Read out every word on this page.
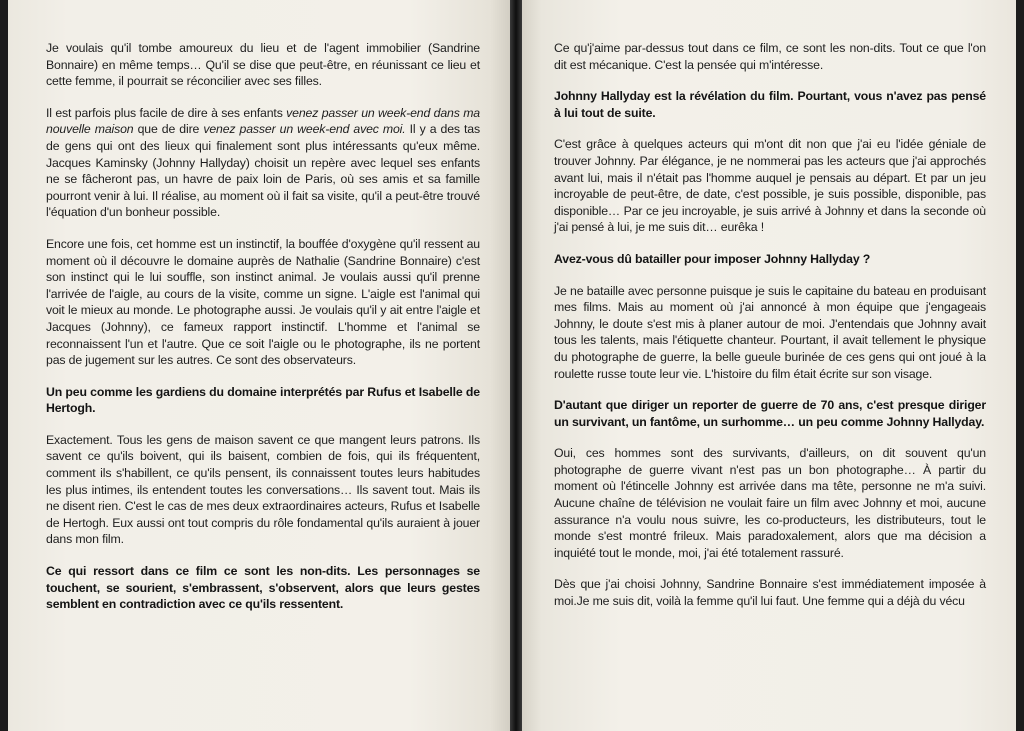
Je voulais qu'il tombe amoureux du lieu et de l'agent immobilier (Sandrine Bonnaire) en même temps… Qu'il se dise que peut-être, en réunissant ce lieu et cette femme, il pourrait se réconcilier avec ses filles.

Il est parfois plus facile de dire à ses enfants venez passer un week-end dans ma nouvelle maison que de dire venez passer un week-end avec moi. Il y a des tas de gens qui ont des lieux qui finalement sont plus intéressants qu'eux même. Jacques Kaminsky (Johnny Hallyday) choisit un repère avec lequel ses enfants ne se fâcheront pas, un havre de paix loin de Paris, où ses amis et sa famille pourront venir à lui. Il réalise, au moment où il fait sa visite, qu'il a peut-être trouvé l'équation d'un bonheur possible.

Encore une fois, cet homme est un instinctif, la bouffée d'oxygène qu'il ressent au moment où il découvre le domaine auprès de Nathalie (Sandrine Bonnaire) c'est son instinct qui le lui souffle, son instinct animal. Je voulais aussi qu'il prenne l'arrivée de l'aigle, au cours de la visite, comme un signe. L'aigle est l'animal qui voit le mieux au monde. Le photographe aussi. Je voulais qu'il y ait entre l'aigle et Jacques (Johnny), ce fameux rapport instinctif. L'homme et l'animal se reconnaissent l'un et l'autre. Que ce soit l'aigle ou le photographe, ils ne portent pas de jugement sur les autres. Ce sont des observateurs.

Un peu comme les gardiens du domaine interprétés par Rufus et Isabelle de Hertogh.

Exactement. Tous les gens de maison savent ce que mangent leurs patrons. Ils savent ce qu'ils boivent, qui ils baisent, combien de fois, qui ils fréquentent, comment ils s'habillent, ce qu'ils pensent, ils connaissent toutes leurs habitudes les plus intimes, ils entendent toutes les conversations… Ils savent tout. Mais ils ne disent rien. C'est le cas de mes deux extraordinaires acteurs, Rufus et Isabelle de Hertogh. Eux aussi ont tout compris du rôle fondamental qu'ils auraient à jouer dans mon film.

Ce qui ressort dans ce film ce sont les non-dits. Les personnages se touchent, se sourient, s'embrassent, s'observent, alors que leurs gestes semblent en contradiction avec ce qu'ils ressentent.

Ce qu'j'aime par-dessus tout dans ce film, ce sont les non-dits. Tout ce que l'on dit est mécanique. C'est la pensée qui m'intéresse.

Johnny Hallyday est la révélation du film. Pourtant, vous n'avez pas pensé à lui tout de suite.

C'est grâce à quelques acteurs qui m'ont dit non que j'ai eu l'idée géniale de trouver Johnny. Par élégance, je ne nommerai pas les acteurs que j'ai approchés avant lui, mais il n'était pas l'homme auquel je pensais au départ. Et par un jeu incroyable de peut-être, de date, c'est possible, je suis possible, disponible, pas disponible… Par ce jeu incroyable, je suis arrivé à Johnny et dans la seconde où j'ai pensé à lui, je me suis dit… eurêka !

Avez-vous dû batailler pour imposer Johnny Hallyday ?

Je ne bataille avec personne puisque je suis le capitaine du bateau en produisant mes films. Mais au moment où j'ai annoncé à mon équipe que j'engageais Johnny, le doute s'est mis à planer autour de moi. J'entendais que Johnny avait tous les talents, mais l'étiquette chanteur. Pourtant, il avait tellement le physique du photographe de guerre, la belle gueule burinée de ces gens qui ont joué à la roulette russe toute leur vie. L'histoire du film était écrite sur son visage.

D'autant que diriger un reporter de guerre de 70 ans, c'est presque diriger un survivant, un fantôme, un surhomme… un peu comme Johnny Hallyday.

Oui, ces hommes sont des survivants, d'ailleurs, on dit souvent qu'un photographe de guerre vivant n'est pas un bon photographe… À partir du moment où l'étincelle Johnny est arrivée dans ma tête, personne ne m'a suivi. Aucune chaîne de télévision ne voulait faire un film avec Johnny et moi, aucune assurance n'a voulu nous suivre, les co-producteurs, les distributeurs, tout le monde s'est montré frileux. Mais paradoxalement, alors que ma décision a inquiété tout le monde, moi, j'ai été totalement rassuré.

Dès que j'ai choisi Johnny, Sandrine Bonnaire s'est immédiatement imposée à moi.Je me suis dit, voilà la femme qu'il lui faut. Une femme qui a déjà du vécu
